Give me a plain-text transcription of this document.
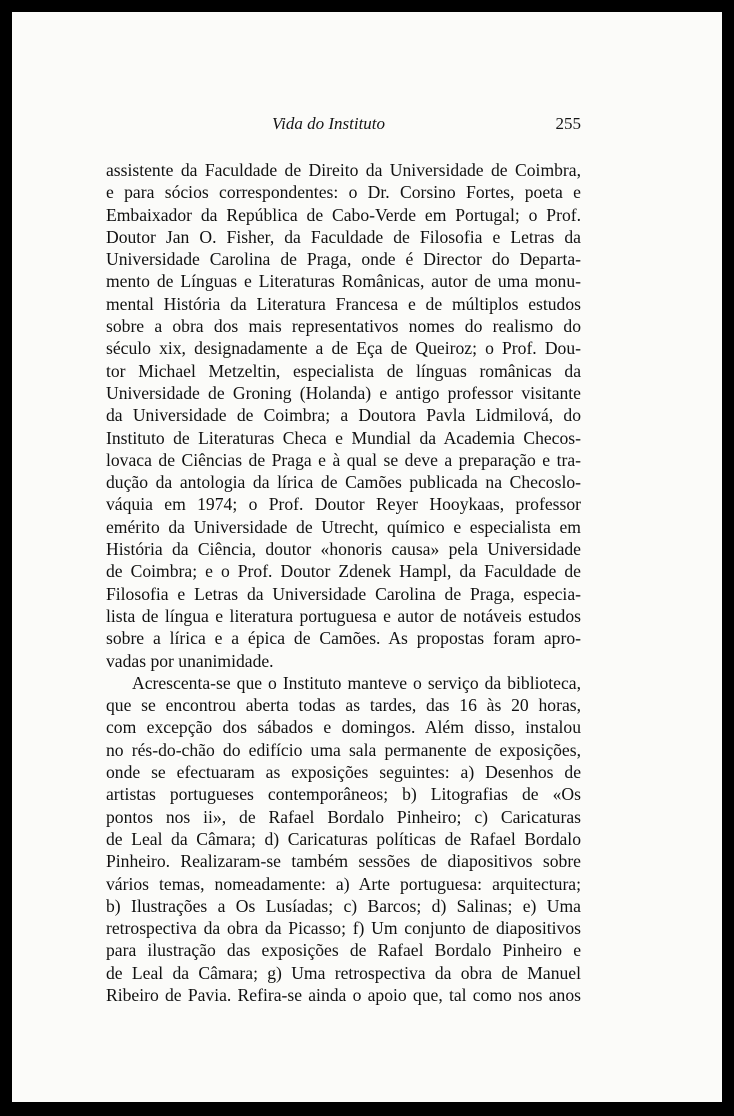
Vida do Instituto	255
assistente da Faculdade de Direito da Universidade de Coimbra,
e para sócios correspondentes: o Dr. Corsino Fortes, poeta e
Embaixador da República de Cabo-Verde em Portugal; o Prof.
Doutor Jan O. Fisher, da Faculdade de Filosofia e Letras da
Universidade Carolina de Praga, onde é Director do Departa-
mento de Línguas e Literaturas Românicas, autor de uma monu-
mental História da Literatura Francesa e de múltiplos estudos
sobre a obra dos mais representativos nomes do realismo do
século xix, designadamente a de Eça de Queiroz; o Prof. Dou-
tor Michael Metzeltin, especialista de línguas românicas da
Universidade de Groning (Holanda) e antigo professor visitante
da Universidade de Coimbra; a Doutora Pavla Lidmilová, do
Instituto de Literaturas Checa e Mundial da Academia Checos-
lovaca de Ciências de Praga e à qual se deve a preparação e tra-
dução da antologia da lírica de Camões publicada na Checoslo-
váquia em 1974; o Prof. Doutor Reyer Hooykaas, professor
emérito da Universidade de Utrecht, químico e especialista em
História da Ciência, doutor «honoris causa» pela Universidade
de Coimbra; e o Prof. Doutor Zdenek Hampl, da Faculdade de
Filosofia e Letras da Universidade Carolina de Praga, especia-
lista de língua e literatura portuguesa e autor de notáveis estudos
sobre a lírica e a épica de Camões. As propostas foram apro-
vadas por unanimidade.
Acrescenta-se que o Instituto manteve o serviço da biblioteca,
que se encontrou aberta todas as tardes, das 16 às 20 horas,
com excepção dos sábados e domingos. Além disso, instalou
no rés-do-chão do edifício uma sala permanente de exposições,
onde se efectuaram as exposições seguintes: a) Desenhos de
artistas portugueses contemporâneos; b) Litografias de «Os
pontos nos ii», de Rafael Bordalo Pinheiro; c) Caricaturas
de Leal da Câmara; d) Caricaturas políticas de Rafael Bordalo
Pinheiro. Realizaram-se também sessões de diapositivos sobre
vários temas, nomeadamente: a) Arte portuguesa: arquitectura;
b) Ilustrações a Os Lusíadas; c) Barcos; d) Salinas; e) Uma
retrospectiva da obra da Picasso; f) Um conjunto de diapositivos
para ilustração das exposições de Rafael Bordalo Pinheiro e
de Leal da Câmara; g) Uma retrospectiva da obra de Manuel
Ribeiro de Pavia. Refira-se ainda o apoio que, tal como nos anos
